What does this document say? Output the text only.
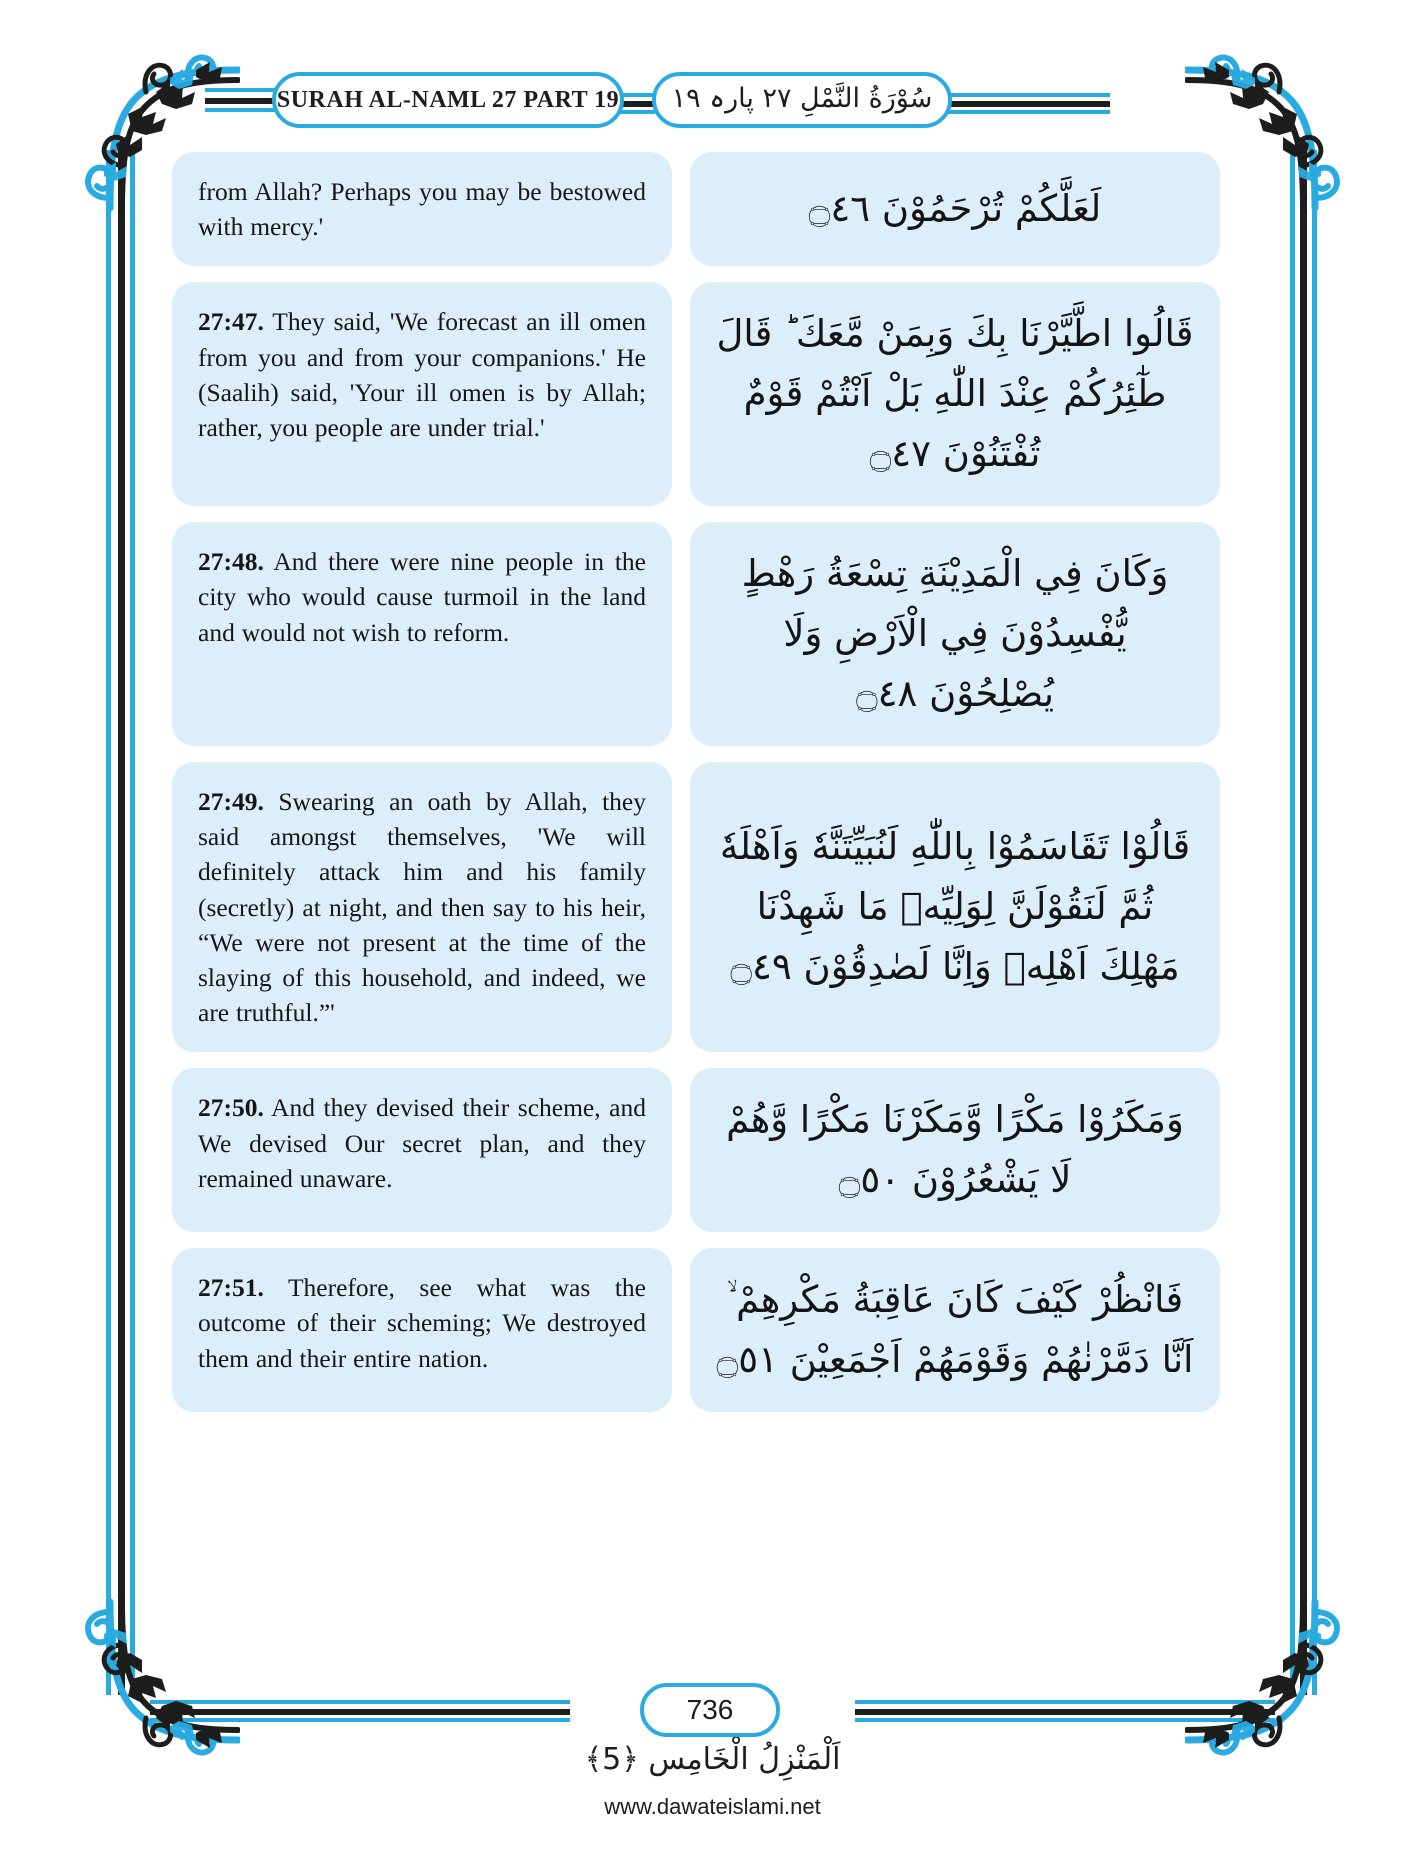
SURAH AL-NAML 27 PART 19 سُوْرَةُ النَّمْلِ ٢٧ پارہ ١٩
from Allah? Perhaps you may be bestowed with mercy.'	لَعَلَّكُمْ تُرْحَمُوْنَ ۝٤٦
27:47. They said, 'We forecast an ill omen from you and from your companions.' He (Saalih) said, 'Your ill omen is by Allah; rather, you people are under trial.'
قَالُوا اطَّيَّرْنَا بِكَ وَبِمَنْ مَّعَكَ ؕ قَالَ طٰٓئِرُكُمْ عِنْدَ اللّٰهِ بَلْ اَنْتُمْ قَوْمٌ تُفْتَنُوْنَ ۝٤٧
27:48. And there were nine people in the city who would cause turmoil in the land and would not wish to reform.
وَكَانَ فِي الْمَدِيْنَةِ تِسْعَةُ رَهْطٍ يُّفْسِدُوْنَ فِي الْاَرْضِ وَلَا يُصْلِحُوْنَ ۝٤٨
27:49. Swearing an oath by Allah, they said amongst themselves, 'We will definitely attack him and his family (secretly) at night, and then say to his heir, “We were not present at the time of the slaying of this household, and indeed, we are truthful.”'
قَالُوْا تَقَاسَمُوْا بِاللّٰهِ لَنُبَيِّتَنَّهٗ وَاَهْلَهٗ ثُمَّ لَنَقُوْلَنَّ لِوَلِيِّهٖ مَا شَهِدْنَا مَهْلِكَ اَهْلِهٖ وَاِنَّا لَصٰدِقُوْنَ ۝٤٩
27:50. And they devised their scheme, and We devised Our secret plan, and they remained unaware.
وَمَكَرُوْا مَكْرًا وَّمَكَرْنَا مَكْرًا وَّهُمْ لَا يَشْعُرُوْنَ ۝٥٠
27:51. Therefore, see what was the outcome of their scheming; We destroyed them and their entire nation.
فَانْظُرْ كَيْفَ كَانَ عَاقِبَةُ مَكْرِهِمْ ۙ اَنَّا دَمَّرْنٰهُمْ وَقَوْمَهُمْ اَجْمَعِيْنَ ۝٥١
736
اَلْمَنْزِلُ الْخَامِس ﴿5﴾
www.dawateislami.net
